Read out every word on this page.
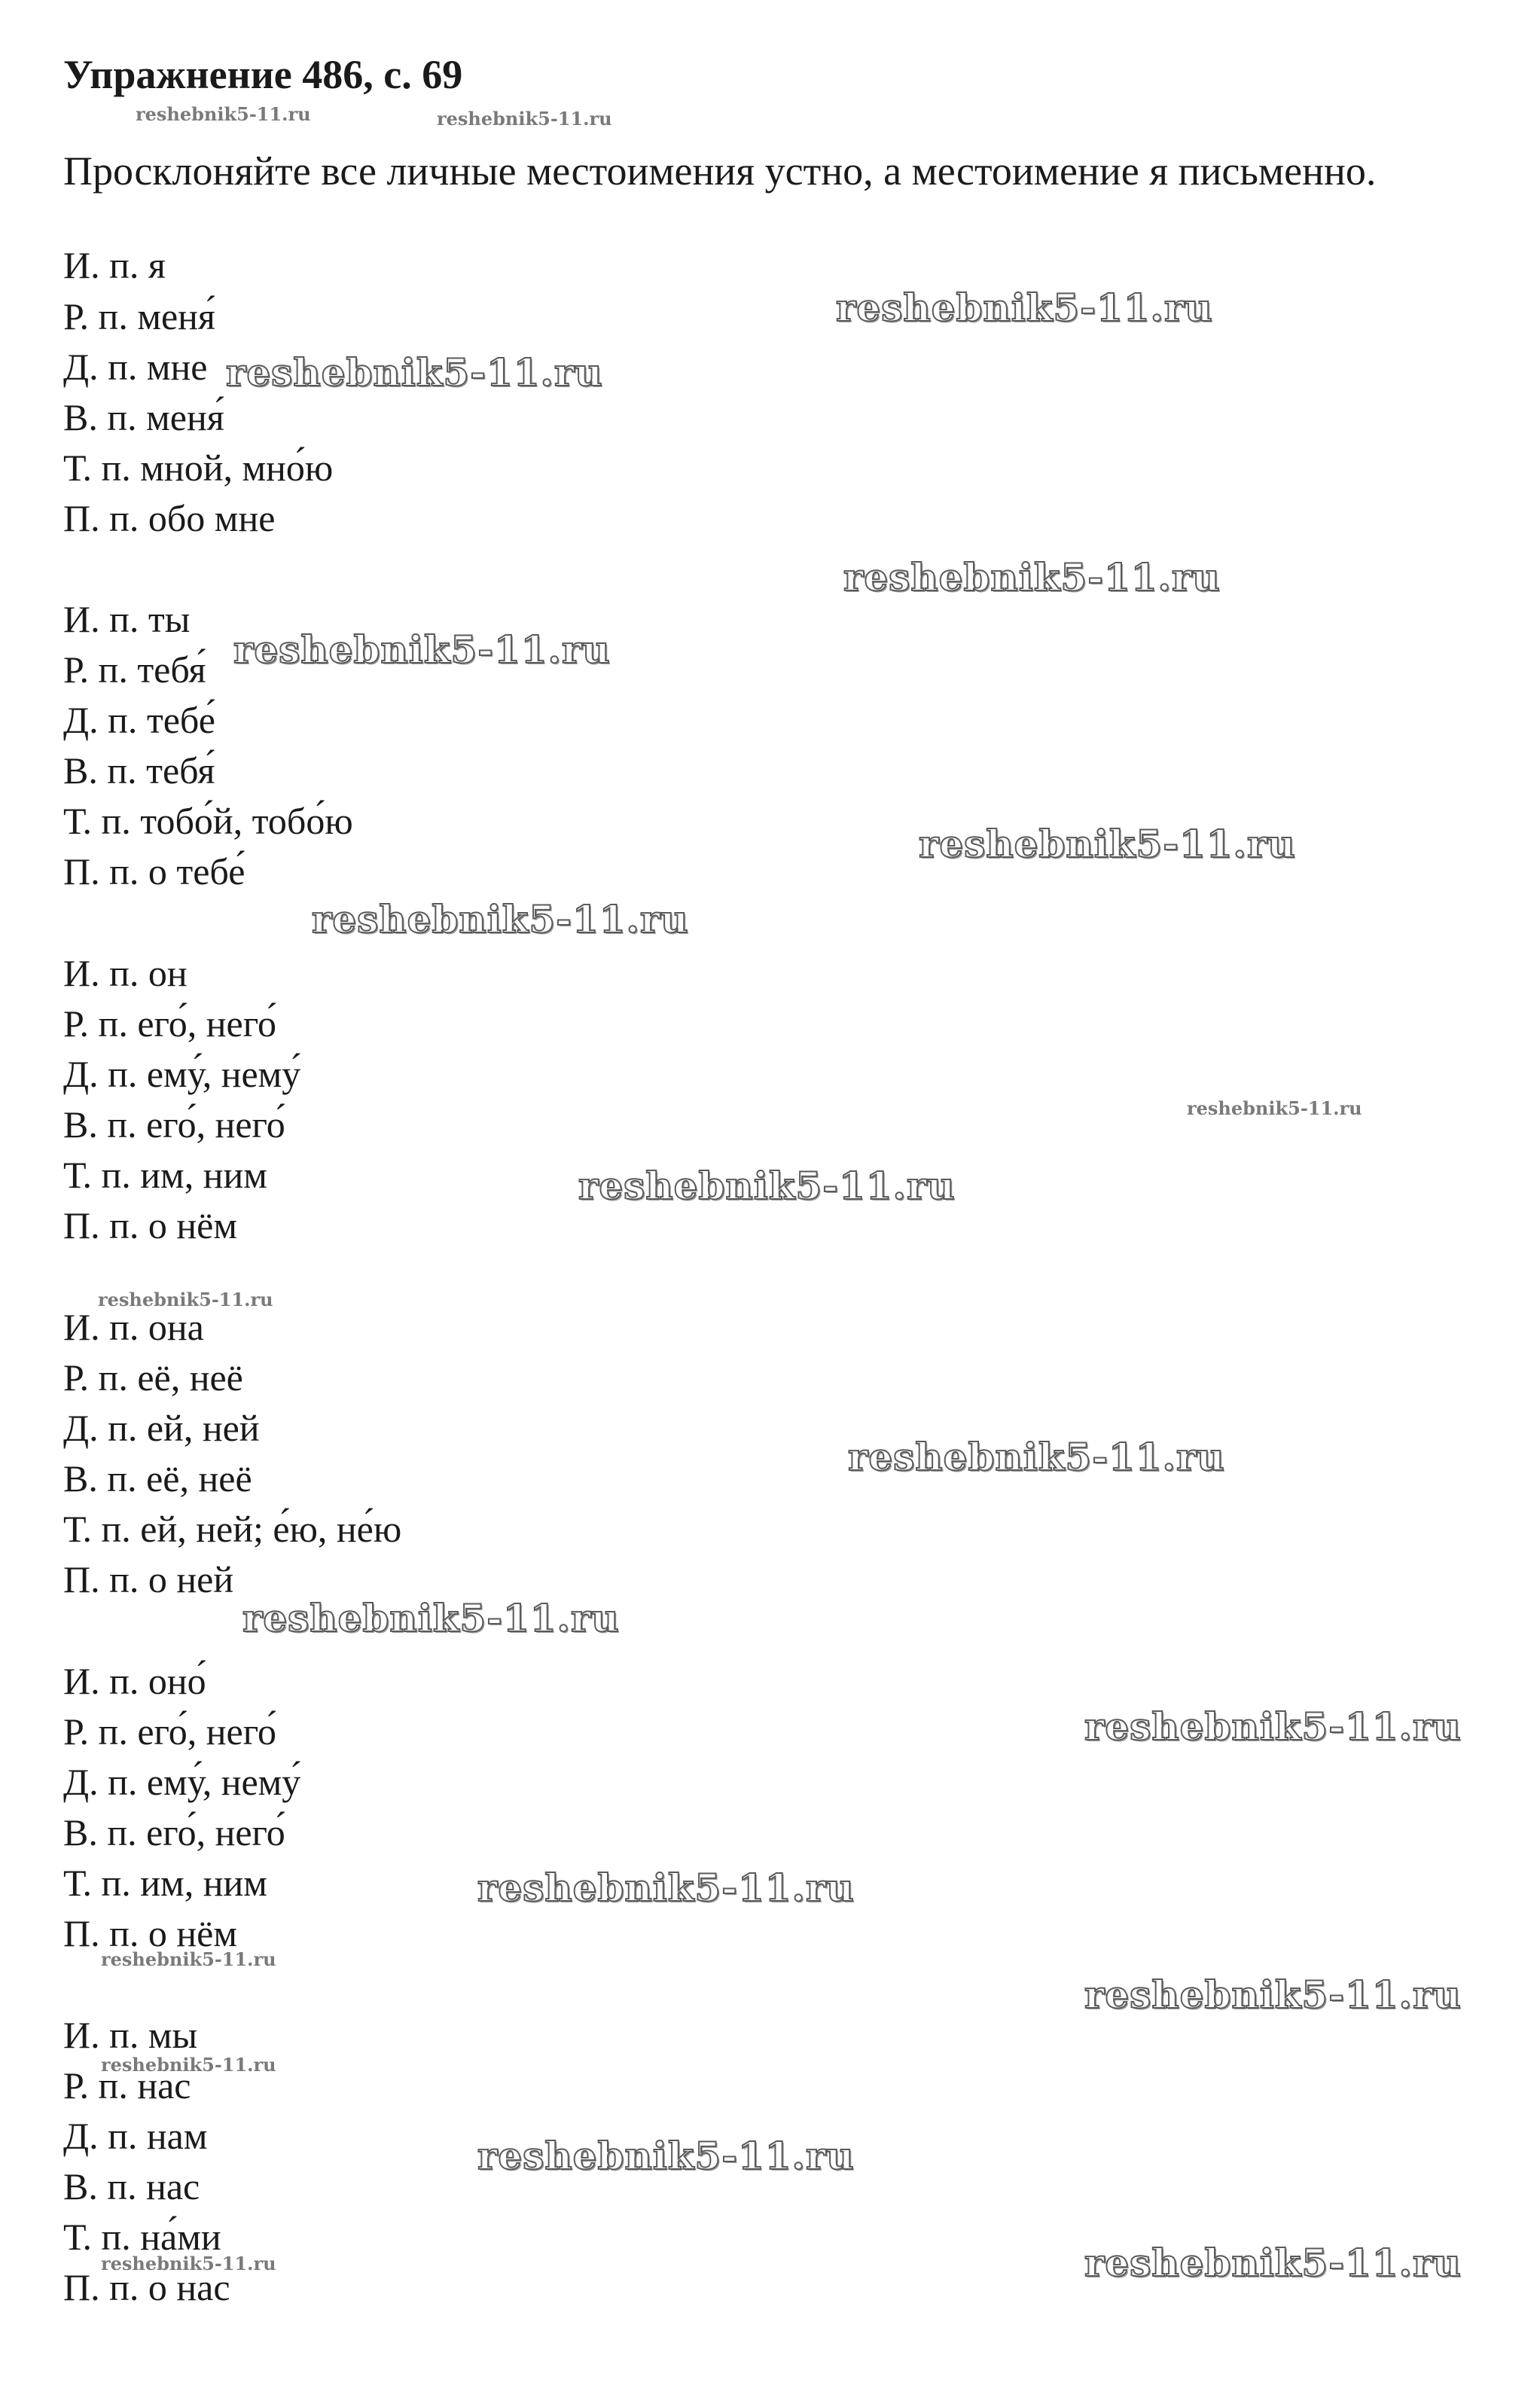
Упражнение 486, с. 69
Просклоняйте все личные местоимения устно, а местоимение я письменно.
И. п. я
Р. п. меня́
Д. п. мне
В. п. меня́
Т. п. мной, мно́ю
П. п. обо мне
И. п. ты
Р. п. тебя́
Д. п. тебе́
В. п. тебя́
Т. п. тобо́й, тобо́ю
П. п. о тебе́
И. п. он
Р. п. его́, него́
Д. п. ему́, нему́
В. п. его́, него́
Т. п. им, ним
П. п. о нём
И. п. она
Р. п. её, неё
Д. п. ей, ней
В. п. её, неё
Т. п. ей, ней; е́ю, не́ю
П. п. о ней
И. п. оно́
Р. п. его́, него́
Д. п. ему́, нему́
В. п. его́, него́
Т. п. им, ним
П. п. о нём
И. п. мы
Р. п. нас
Д. п. нам
В. п. нас
Т. п. на́ми
П. п. о нас
reshebnik5-11.ru	reshebnik5-11.ru
reshebnik5-11.ru
reshebnik5-11.ru
reshebnik5-11.ru
reshebnik5-11.ru
reshebnik5-11.ru
reshebnik5-11.ru
reshebnik5-11.ru
reshebnik5-11.ru
reshebnik5-11.ru
reshebnik5-11.ru
reshebnik5-11.ru
reshebnik5-11.ru
reshebnik5-11.ru
reshebnik5-11.ru
reshebnik5-11.ru
reshebnik5-11.ru
reshebnik5-11.ru
reshebnik5-11.ru	reshebnik5-11.ru
